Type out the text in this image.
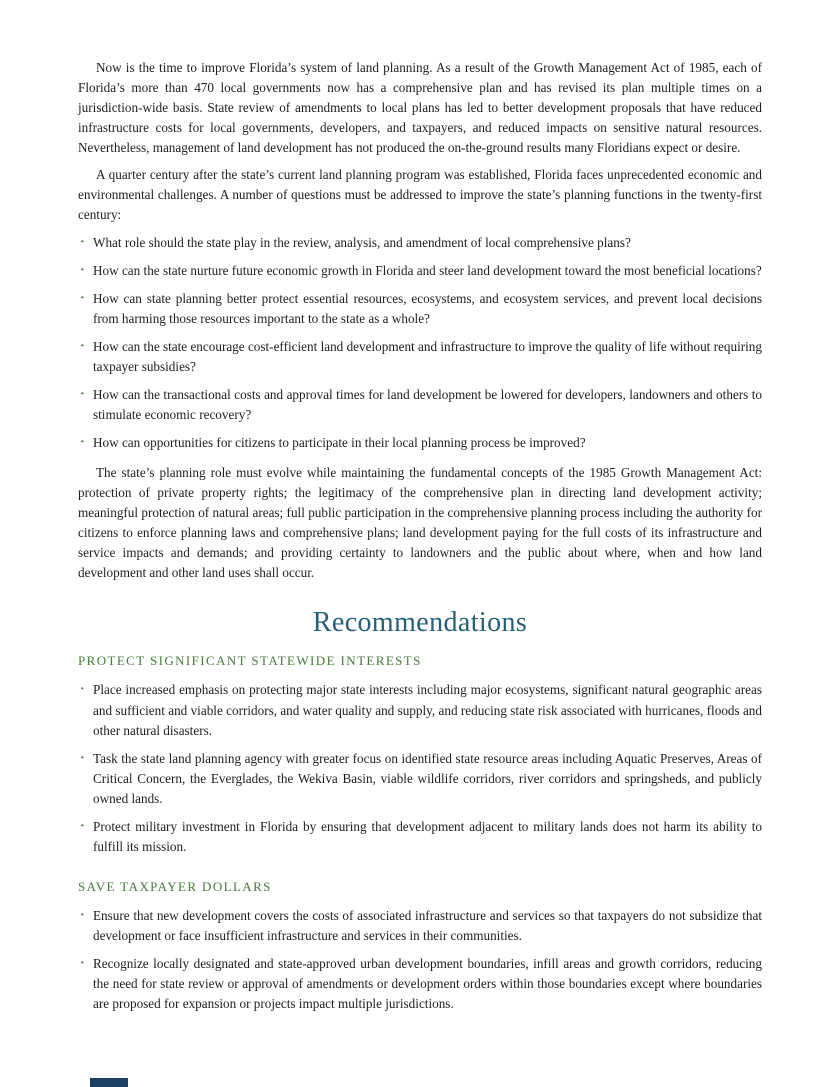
Now is the time to improve Florida’s system of land planning. As a result of the Growth Management Act of 1985, each of Florida’s more than 470 local governments now has a comprehensive plan and has revised its plan multiple times on a jurisdiction-wide basis. State review of amendments to local plans has led to better development proposals that have reduced infrastructure costs for local governments, developers, and taxpayers, and reduced impacts on sensitive natural resources. Nevertheless, management of land development has not produced the on-the-ground results many Floridians expect or desire.

A quarter century after the state’s current land planning program was established, Florida faces unprecedented economic and environmental challenges. A number of questions must be addressed to improve the state’s planning functions in the twenty-first century:

· What role should the state play in the review, analysis, and amendment of local comprehensive plans?
· How can the state nurture future economic growth in Florida and steer land development toward the most beneficial locations?
· How can state planning better protect essential resources, ecosystems, and ecosystem services, and prevent local decisions from harming those resources important to the state as a whole?
· How can the state encourage cost-efficient land development and infrastructure to improve the quality of life without requiring taxpayer subsidies?
· How can the transactional costs and approval times for land development be lowered for developers, landowners and others to stimulate economic recovery?
· How can opportunities for citizens to participate in their local planning process be improved?

The state’s planning role must evolve while maintaining the fundamental concepts of the 1985 Growth Management Act: protection of private property rights; the legitimacy of the comprehensive plan in directing land development activity; meaningful protection of natural areas; full public participation in the comprehensive planning process including the authority for citizens to enforce planning laws and comprehensive plans; land development paying for the full costs of its infrastructure and service impacts and demands; and providing certainty to landowners and the public about where, when and how land development and other land uses shall occur.

Recommendations
PROTECT SIGNIFICANT STATEWIDE INTERESTS
· Place increased emphasis on protecting major state interests including major ecosystems, significant natural geographic areas and sufficient and viable corridors, and water quality and supply, and reducing state risk associated with hurricanes, floods and other natural disasters.
· Task the state land planning agency with greater focus on identified state resource areas including Aquatic Preserves, Areas of Critical Concern, the Everglades, the Wekiva Basin, viable wildlife corridors, river corridors and springsheds, and publicly owned lands.
· Protect military investment in Florida by ensuring that development adjacent to military lands does not harm its ability to fulfill its mission.
SAVE TAXPAYER DOLLARS
· Ensure that new development covers the costs of associated infrastructure and services so that taxpayers do not subsidize that development or face insufficient infrastructure and services in their communities.
· Recognize locally designated and state-approved urban development boundaries, infill areas and growth corridors, reducing the need for state review or approval of amendments or development orders within those boundaries except where boundaries are proposed for expansion or projects impact multiple jurisdictions.
